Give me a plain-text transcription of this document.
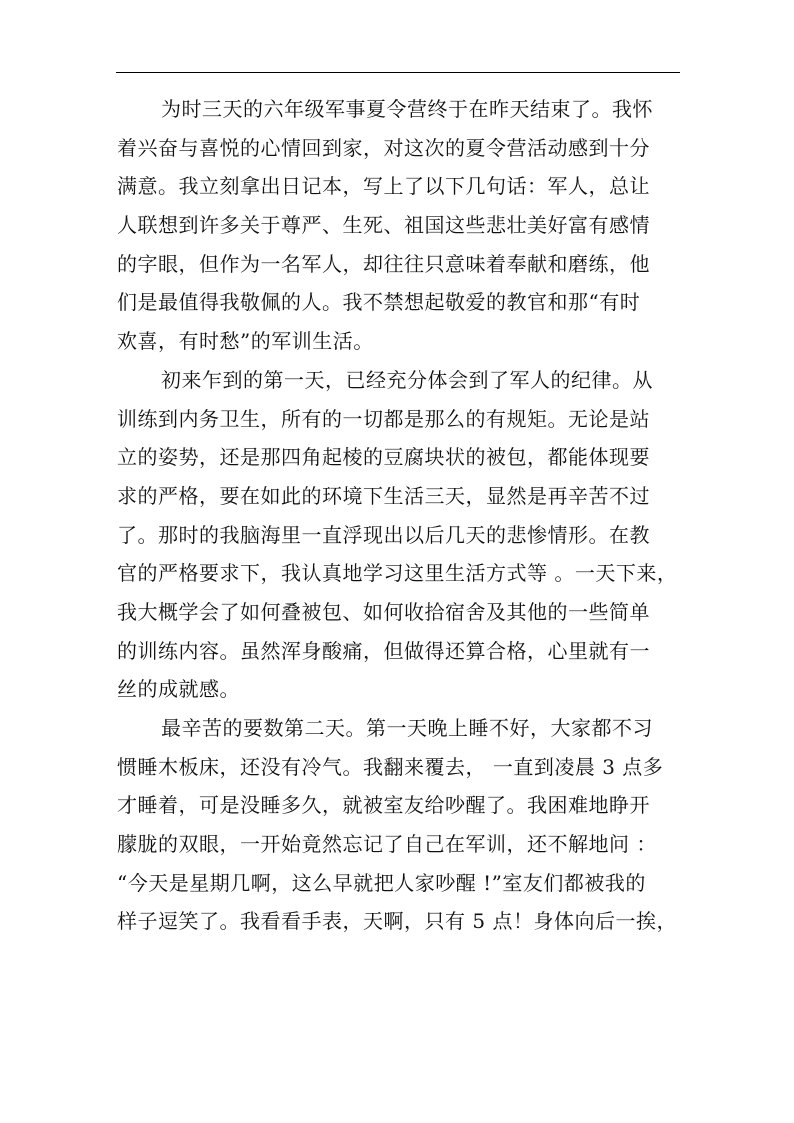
为时三天的六年级军事夏令营终于在昨天结束了。我怀
着兴奋与喜悦的心情回到家，对这次的夏令营活动感到十分
满意。我立刻拿出日记本，写上了以下几句话：军人，总让
人联想到许多关于尊严、生死、祖国这些悲壮美好富有感情
的字眼，但作为一名军人，却往往只意味着奉献和磨练，他
们是最值得我敬佩的人。我不禁想起敬爱的教官和那“有时
欢喜，有时愁”的军训生活。
初来乍到的第一天，已经充分体会到了军人的纪律。从
训练到内务卫生，所有的一切都是那么的有规矩。无论是站
立的姿势，还是那四角起棱的豆腐块状的被包，都能体现要
求的严格，要在如此的环境下生活三天，显然是再辛苦不过
了。那时的我脑海里一直浮现出以后几天的悲惨情形。在教
官的严格要求下，我认真地学习这里生活方式等 。一天下来，
我大概学会了如何叠被包、如何收拾宿舍及其他的一些简单
的训练内容。虽然浑身酸痛，但做得还算合格，心里就有一
丝的成就感。
最辛苦的要数第二天。第一天晚上睡不好，大家都不习
惯睡木板床，还没有冷气。我翻来覆去， 一直到凌晨 3 点多
才睡着，可是没睡多久，就被室友给吵醒了。我困难地睁开
朦胧的双眼，一开始竟然忘记了自己在军训，还不解地问 ：
“今天是星期几啊，这么早就把人家吵醒 !”室友们都被我的
样子逗笑了。我看看手表，天啊，只有 5 点！身体向后一挨，
